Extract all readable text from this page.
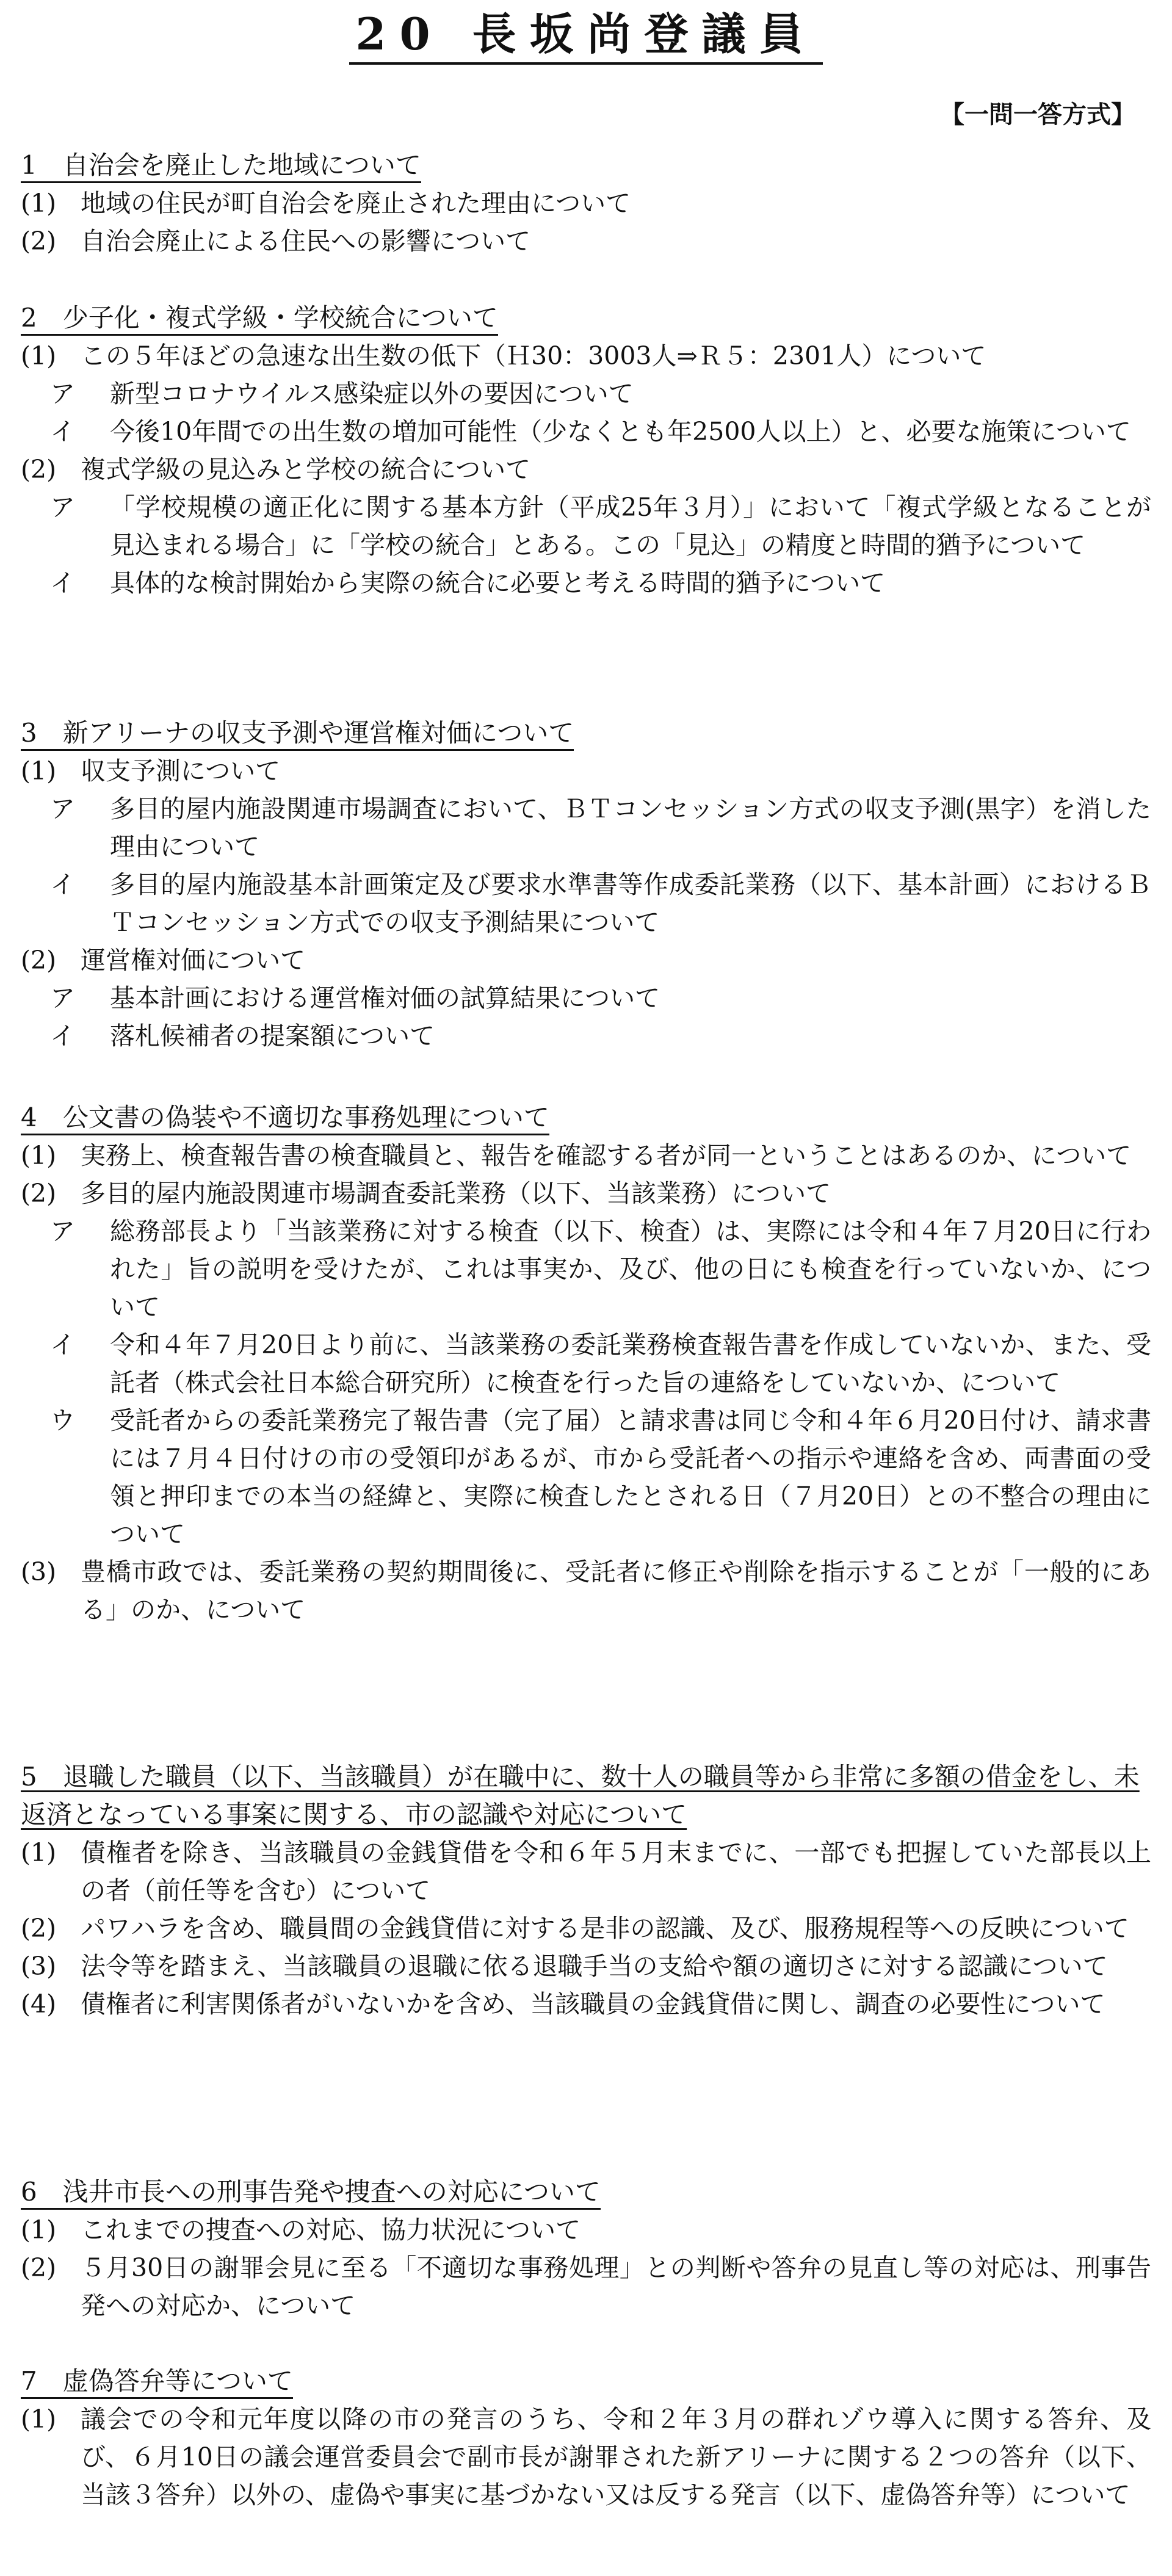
20 長坂尚登議員
【一問一答方式】
1　自治会を廃止した地域について
(1) 地域の住民が町自治会を廃止された理由について
(2) 自治会廃止による住民への影響について
2　少子化・複式学級・学校統合について
(1) この５年ほどの急速な出生数の低下（Ｈ30：3003人⇒Ｒ５：2301人）について
ア	新型コロナウイルス感染症以外の要因について
イ	今後10年間での出生数の増加可能性（少なくとも年2500人以上）と、必要な施策について
(2) 複式学級の見込みと学校の統合について
ア	「学校規模の適正化に関する基本方針（平成25年３月）」において「複式学級となることが見込まれる場合」に「学校の統合」とある。この「見込」の精度と時間的猶予について
イ	具体的な検討開始から実際の統合に必要と考える時間的猶予について
3　新アリーナの収支予測や運営権対価について
(1) 収支予測について
ア	多目的屋内施設関連市場調査において、ＢＴコンセッション方式の収支予測(黒字）を消した理由について
イ	多目的屋内施設基本計画策定及び要求水準書等作成委託業務（以下、基本計画）におけるＢＴコンセッション方式での収支予測結果について
(2) 運営権対価について
ア	基本計画における運営権対価の試算結果について
イ	落札候補者の提案額について
4　公文書の偽装や不適切な事務処理について
(1) 実務上、検査報告書の検査職員と、報告を確認する者が同一ということはあるのか、について
(2) 多目的屋内施設関連市場調査委託業務（以下、当該業務）について
ア	総務部長より「当該業務に対する検査（以下、検査）は、実際には令和４年７月20日に行われた」旨の説明を受けたが、これは事実か、及び、他の日にも検査を行っていないか、について
イ	令和４年７月20日より前に、当該業務の委託業務検査報告書を作成していないか、また、受託者（株式会社日本総合研究所）に検査を行った旨の連絡をしていないか、について
ウ	受託者からの委託業務完了報告書（完了届）と請求書は同じ令和４年６月20日付け、請求書には７月４日付けの市の受領印があるが、市から受託者への指示や連絡を含め、両書面の受領と押印までの本当の経緯と、実際に検査したとされる日（７月20日）との不整合の理由について
(3) 豊橋市政では、委託業務の契約期間後に、受託者に修正や削除を指示することが「一般的にある」のか、について
5　退職した職員（以下、当該職員）が在職中に、数十人の職員等から非常に多額の借金をし、未返済となっている事案に関する、市の認識や対応について
(1) 債権者を除き、当該職員の金銭貸借を令和６年５月末までに、一部でも把握していた部長以上の者（前任等を含む）について
(2) パワハラを含め、職員間の金銭貸借に対する是非の認識、及び、服務規程等への反映について
(3) 法令等を踏まえ、当該職員の退職に依る退職手当の支給や額の適切さに対する認識について
(4) 債権者に利害関係者がいないかを含め、当該職員の金銭貸借に関し、調査の必要性について
6　浅井市長への刑事告発や捜査への対応について
(1) これまでの捜査への対応、協力状況について
(2) ５月30日の謝罪会見に至る「不適切な事務処理」との判断や答弁の見直し等の対応は、刑事告発への対応か、について
7　虚偽答弁等について
(1) 議会での令和元年度以降の市の発言のうち、令和２年３月の群れゾウ導入に関する答弁、及び、６月10日の議会運営委員会で副市長が謝罪された新アリーナに関する２つの答弁（以下、当該３答弁）以外の、虚偽や事実に基づかない又は反する発言（以下、虚偽答弁等）について
